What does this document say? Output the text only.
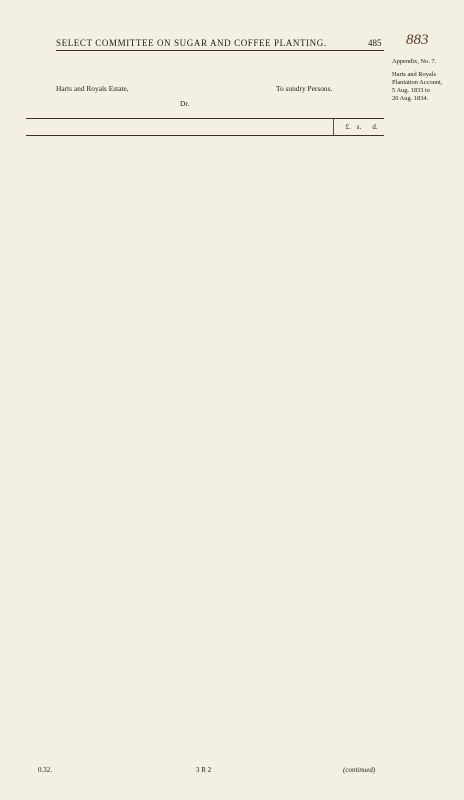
SELECT COMMITTEE ON SUGAR AND COFFEE PLANTING.	485 883
Appendix, No. 7.
Harts and Royals
Plantation Account,
5 Aug. 1833 to
20 Aug. 1834.
Harts and Royals Estate,	To sundry Persons.
Dr.
£. s.	d.
0.32.	3 R 2	(continued)
